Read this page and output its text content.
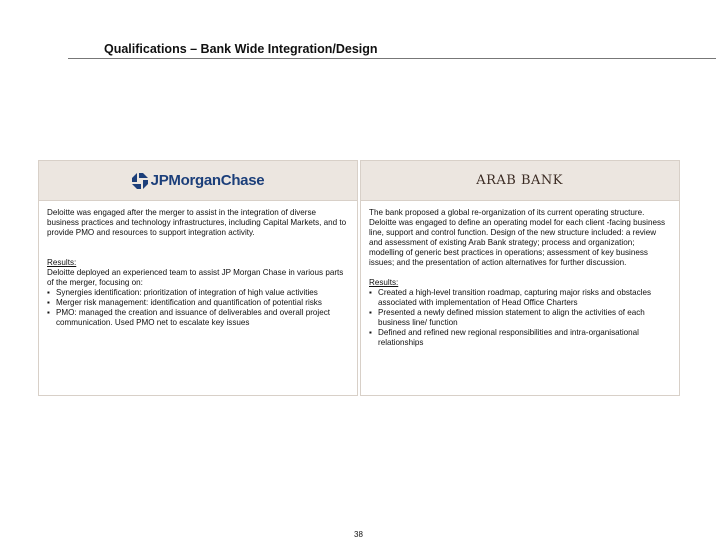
Qualifications – Bank Wide Integration/Design
JPMorganChase

Deloitte was engaged after the merger to assist in the integration of diverse business practices and technology infrastructures, including Capital Markets, and to provide PMO and resources to support integration activity.

Results:

Deloitte deployed an experienced team to assist JP Morgan Chase in various parts of the merger, focusing on:

▪ Synergies identification: prioritization of integration of high value activities
▪ Merger risk management: identification and quantification of potential risks
▪ PMO: managed the creation and issuance of deliverables and overall project communication. Used PMO net to escalate key issues
ARAB BANK

The bank proposed a global re-organization of its current operating structure. Deloitte was engaged to define an operating model for each client -facing business line, support and control function. Design of the new structure included: a review and assessment of existing Arab Bank strategy; process and organization; modelling of generic best practices in operations; assessment of key business issues; and the presentation of action alternatives for further discussion.

Results:

▪ Created a high-level transition roadmap, capturing major risks and obstacles associated with implementation of Head Office Charters
▪ Presented a newly defined mission statement to align the activities of each business line/ function
▪ Defined and refined new regional responsibilities and intra-organisational relationships
38
